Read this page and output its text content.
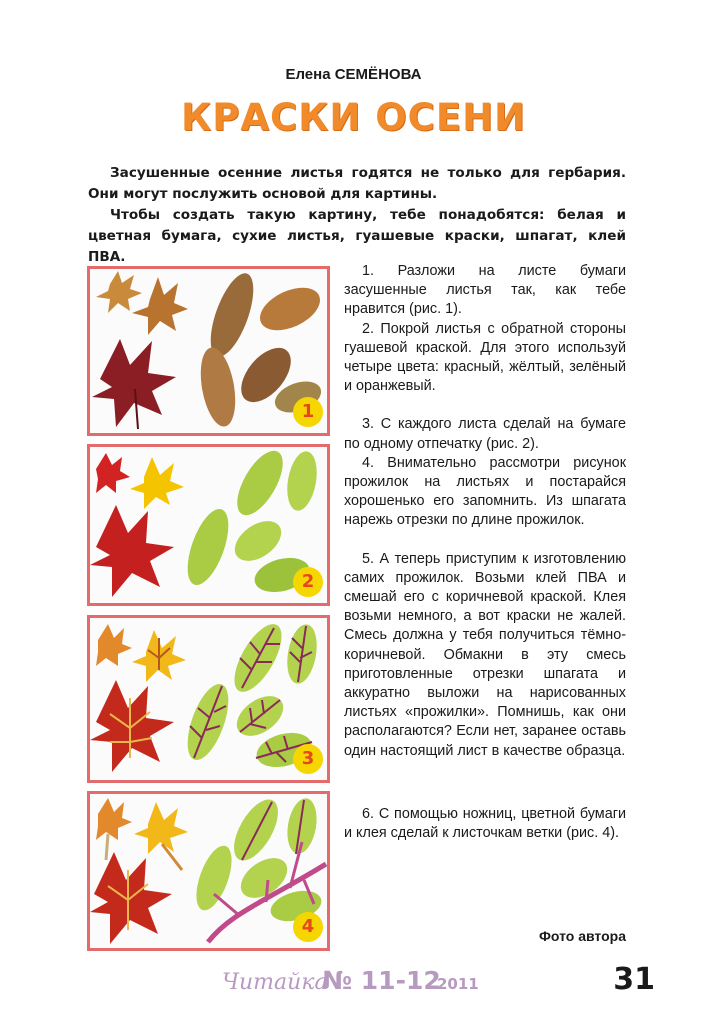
Елена СЕМЁНОВА
КРАСКИ ОСЕНИ

Засушенные осенние листья годятся не только для гербария. Они могут послужить основой для картины.

Чтобы создать такую картину, тебе понадобятся: белая и цветная бумага, сухие листья, гуашевые краски, шпагат, клей ПВА.

1
2
3
4

1. Разложи на листе бумаги засушенные листья так, как тебе нравится (рис. 1).

2. Покрой листья с обратной стороны гуашевой краской. Для этого используй четыре цвета: красный, жёлтый, зелёный и оранжевый.

3. С каждого листа сделай на бумаге по одному отпечатку (рис. 2).

4. Внимательно рассмотри рисунок прожилок на листьях и постарайся хорошенько его запомнить. Из шпагата нарежь отрезки по длине прожилок.

5. А теперь приступим к изготовлению самих прожилок. Возьми клей ПВА и смешай его с коричневой краской. Клея возьми немного, а вот краски не жалей. Смесь должна у тебя получиться тёмно-коричневой. Обмакни в эту смесь приготовленные отрезки шпагата и аккуратно выложи на нарисованных листьях «прожилки». Помнишь, как они располагаются? Если нет, заранее оставь один настоящий лист в качестве образца.

6. С помощью ножниц, цветной бумаги и клея сделай к листочкам ветки (рис. 4).

Фото автора
Читайка
№ 11-12
2011	31
